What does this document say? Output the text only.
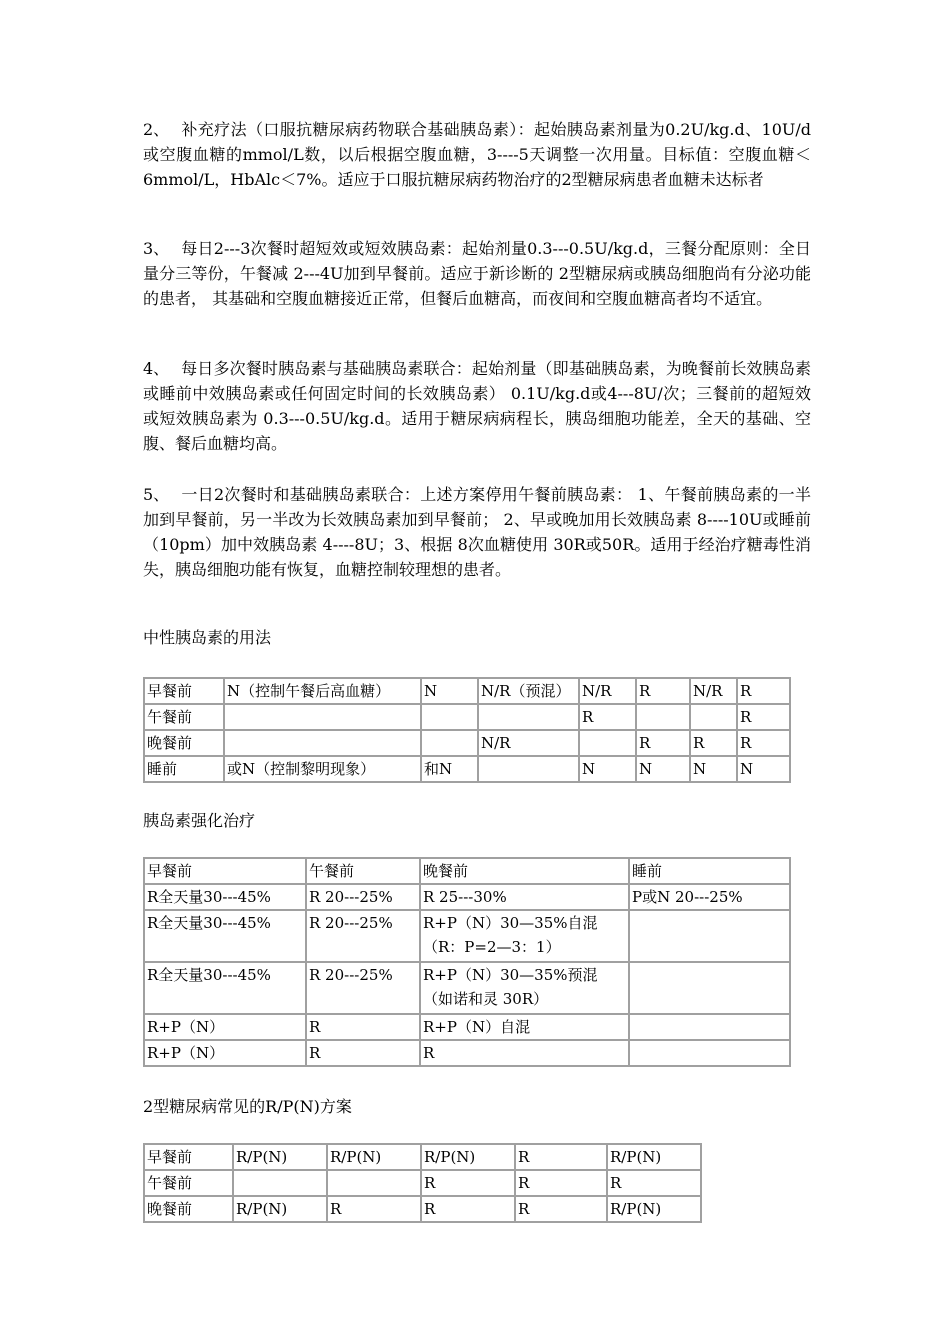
2、 补充疗法（口服抗糖尿病药物联合基础胰岛素）：起始胰岛素剂量为0.2U/kg.d、10U/d或空腹血糖的mmol/L数，以后根据空腹血糖，3----5天调整一次用量。目标值：空腹血糖＜6mmol/L，HbAlc＜7%。适应于口服抗糖尿病药物治疗的2型糖尿病患者血糖未达标者
3、 每日2---3次餐时超短效或短效胰岛素：起始剂量0.3---0.5U/kg.d，三餐分配原则：全日量分三等份，午餐减 2---4U加到早餐前。适应于新诊断的 2型糖尿病或胰岛细胞尚有分泌功能的患者， 其基础和空腹血糖接近正常，但餐后血糖高，而夜间和空腹血糖高者均不适宜。
4、 每日多次餐时胰岛素与基础胰岛素联合：起始剂量（即基础胰岛素，为晚餐前长效胰岛素或睡前中效胰岛素或任何固定时间的长效胰岛素） 0.1U/kg.d或4---8U/次；三餐前的超短效或短效胰岛素为 0.3---0.5U/kg.d。适用于糖尿病病程长，胰岛细胞功能差，全天的基础、空腹、餐后血糖均高。
5、 一日2次餐时和基础胰岛素联合：上述方案停用午餐前胰岛素： 1、午餐前胰岛素的一半加到早餐前，另一半改为长效胰岛素加到早餐前； 2、早或晚加用长效胰岛素 8----10U或睡前（10pm）加中效胰岛素 4----8U；3、根据 8次血糖使用 30R或50R。适用于经治疗糖毒性消失，胰岛细胞功能有恢复，血糖控制较理想的患者。
中性胰岛素的用法
早餐前	N（控制午餐后高血糖）	N	N/R（预混）	N/R	R	N/R	R
午餐前				R			R
晚餐前			N/R		R	R	R
睡前	或N（控制黎明现象）	和N		N	N	N	N
胰岛素强化治疗
早餐前	午餐前	晚餐前	睡前
R全天量30---45%	R 20---25%	R 25---30%	P或N 20---25%
R全天量30---45%	R 20---25%	R+P（N）30—35%自混（R：P=2—3：1）	
R全天量30---45%	R 20---25%	R+P（N）30—35%预混（如诺和灵 30R）	
R+P（N）	R	R+P（N）自混	
R+P（N）	R	R	
2型糖尿病常见的R/P(N)方案
早餐前	R/P(N)	R/P(N)	R/P(N)	R	R/P(N)
午餐前			R	R	R
晚餐前	R/P(N)	R	R	R	R/P(N)
